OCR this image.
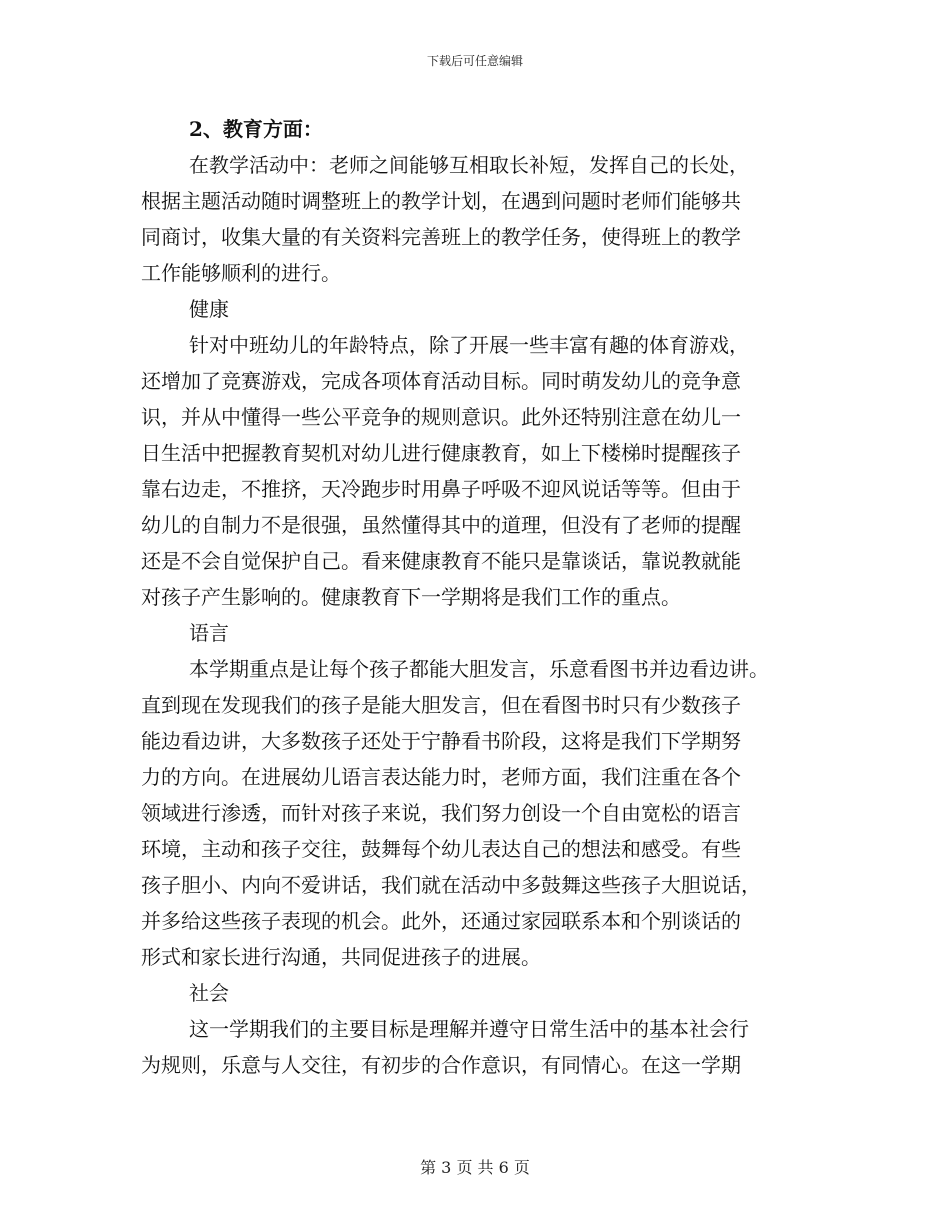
下载后可任意编辑
2、教育方面：
在教学活动中：老师之间能够互相取长补短，发挥自己的长处，
根据主题活动随时调整班上的教学计划，在遇到问题时老师们能够共
同商讨，收集大量的有关资料完善班上的教学任务，使得班上的教学
工作能够顺利的进行。
健康
针对中班幼儿的年龄特点，除了开展一些丰富有趣的体育游戏，
还增加了竞赛游戏，完成各项体育活动目标。同时萌发幼儿的竞争意
识，并从中懂得一些公平竞争的规则意识。此外还特别注意在幼儿一
日生活中把握教育契机对幼儿进行健康教育，如上下楼梯时提醒孩子
靠右边走，不推挤，天冷跑步时用鼻子呼吸不迎风说话等等。但由于
幼儿的自制力不是很强，虽然懂得其中的道理，但没有了老师的提醒
还是不会自觉保护自己。看来健康教育不能只是靠谈话，靠说教就能
对孩子产生影响的。健康教育下一学期将是我们工作的重点。
语言
本学期重点是让每个孩子都能大胆发言，乐意看图书并边看边讲。
直到现在发现我们的孩子是能大胆发言，但在看图书时只有少数孩子
能边看边讲，大多数孩子还处于宁静看书阶段，这将是我们下学期努
力的方向。在进展幼儿语言表达能力时，老师方面，我们注重在各个
领域进行渗透，而针对孩子来说，我们努力创设一个自由宽松的语言
环境，主动和孩子交往，鼓舞每个幼儿表达自己的想法和感受。有些
孩子胆小、内向不爱讲话，我们就在活动中多鼓舞这些孩子大胆说话，
并多给这些孩子表现的机会。此外，还通过家园联系本和个别谈话的
形式和家长进行沟通，共同促进孩子的进展。
社会
这一学期我们的主要目标是理解并遵守日常生活中的基本社会行
为规则，乐意与人交往，有初步的合作意识，有同情心。在这一学期
第 3 页 共 6 页
